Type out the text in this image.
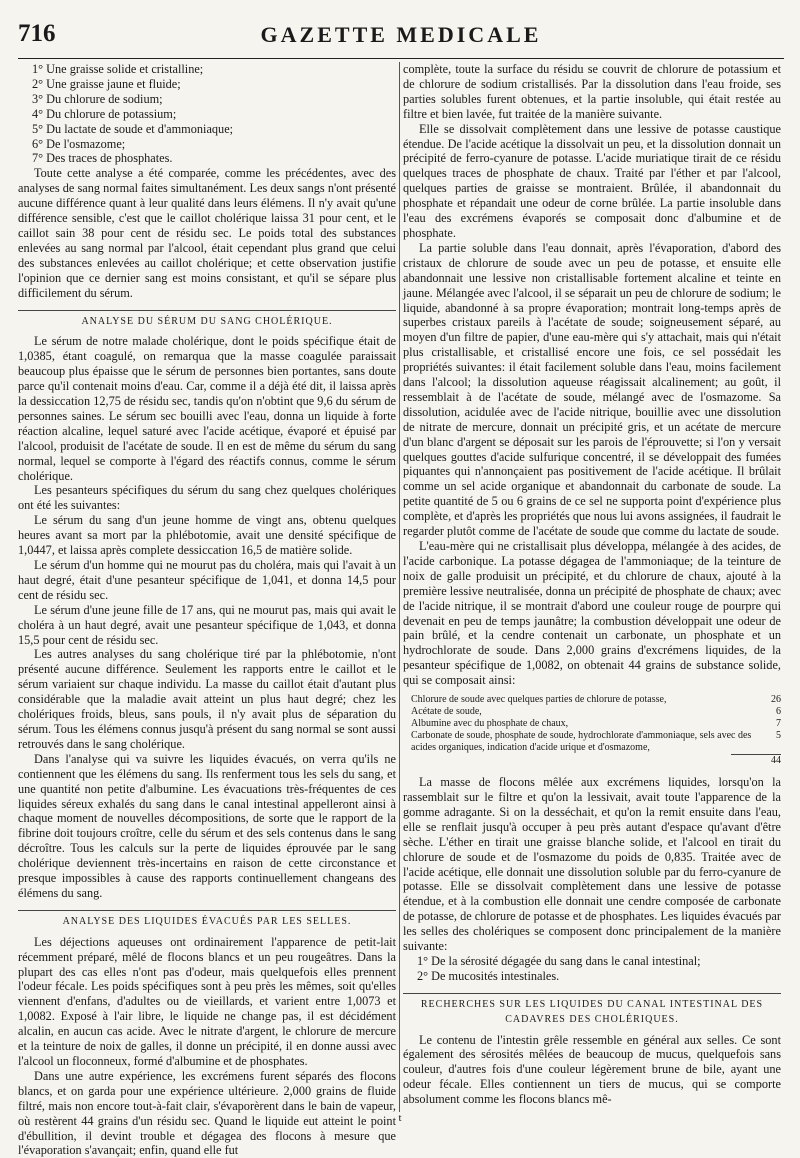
716	GAZETTE MEDICALE
1° Une graisse solide et cristalline;
2° Une graisse jaune et fluide;
3° Du chlorure de sodium;
4° Du chlorure de potassium;
5° Du lactate de soude et d'ammoniaque;
6° De l'osmazome;
7° Des traces de phosphates.

Toute cette analyse a été comparée, comme les précédentes, avec des analyses de sang normal faites simultanément. Les deux sangs n'ont présenté aucune différence quant à leur qualité dans leurs élémens. Il n'y avait qu'une différence sensible, c'est que le caillot cholérique laissa 31 pour cent, et le caillot sain 38 pour cent de résidu sec. Le poids total des substances enlevées au sang normal par l'alcool, était cependant plus grand que celui des substances enlevées au caillot cholérique; et cette observation justifie l'opinion que ce dernier sang est moins consistant, et qu'il se sépare plus difficilement du sérum.

ANALYSE DU SÉRUM DU SANG CHOLÉRIQUE.

Le sérum de notre malade cholérique, dont le poids spécifique était de 1,0385, étant coagulé, on remarqua que la masse coagulée paraissait beaucoup plus épaisse que le sérum de personnes bien portantes, sans doute parce qu'il contenait moins d'eau. Car, comme il a déjà été dit, il laissa après la dessiccation 12,75 de résidu sec, tandis qu'on n'obtint que 9,6 du sérum de personnes saines. Le sérum sec bouilli avec l'eau, donna un liquide à forte réaction alcaline, lequel saturé avec l'acide acétique, évaporé et épuisé par l'alcool, produisit de l'acétate de soude. Il en est de même du sérum du sang normal, lequel se comporte à l'égard des réactifs connus, comme le sérum cholérique.

Les pesanteurs spécifiques du sérum du sang chez quelques cholériques ont été les suivantes:

Le sérum du sang d'un jeune homme de vingt ans, obtenu quelques heures avant sa mort par la phlébotomie, avait une densité spécifique de 1,0447, et laissa après complete dessiccation 16,5 de matière solide.

Le sérum d'un homme qui ne mourut pas du choléra, mais qui l'avait à un haut degré, était d'une pesanteur spécifique de 1,041, et donna 14,5 pour cent de résidu sec.

Le sérum d'une jeune fille de 17 ans, qui ne mourut pas, mais qui avait le choléra à un haut degré, avait une pesanteur spécifique de 1,043, et donna 15,5 pour cent de résidu sec.

Les autres analyses du sang cholérique tiré par la phlébotomie, n'ont présenté aucune différence. Seulement les rapports entre le caillot et le sérum variaient sur chaque individu. La masse du caillot était d'autant plus considérable que la maladie avait atteint un plus haut degré; chez les cholériques froids, bleus, sans pouls, il n'y avait plus de séparation du sérum. Tous les élémens connus jusqu'à présent du sang normal se sont aussi retrouvés dans le sang cholérique.

Dans l'analyse qui va suivre les liquides évacués, on verra qu'ils ne contiennent que les élémens du sang. Ils renferment tous les sels du sang, et une quantité non petite d'albumine. Les évacuations très-fréquentes de ces liquides séreux exhalés du sang dans le canal intestinal appelleront ainsi à chaque moment de nouvelles décompositions, de sorte que le rapport de la fibrine doit toujours croître, celle du sérum et des sels contenus dans le sang décroître. Tous les calculs sur la perte de liquides éprouvée par le sang cholérique deviennent très-incertains en raison de cette circonstance et presque impossibles à cause des rapports continuellement changeans des élémens du sang.

ANALYSE DES LIQUIDES ÉVACUÉS PAR LES SELLES.

Les déjections aqueuses ont ordinairement l'apparence de petit-lait récemment préparé, mêlé de flocons blancs et un peu rougeâtres. Dans la plupart des cas elles n'ont pas d'odeur, mais quelquefois elles prennent l'odeur fécale. Les poids spécifiques sont à peu près les mêmes, soit qu'elles viennent d'enfans, d'adultes ou de vieillards, et varient entre 1,0073 et 1,0082. Exposé à l'air libre, le liquide ne change pas, il est décidément alcalin, en aucun cas acide. Avec le nitrate d'argent, le chlorure de mercure et la teinture de noix de galles, il donne un précipité, il en donne aussi avec l'alcool un floconneux, formé d'albumine et de phosphates.

Dans une autre expérience, les excrémens furent séparés des flocons blancs, et on garda pour une expérience ultérieure. 2,000 grains de fluide filtré, mais non encore tout-à-fait clair, s'évaporèrent dans le bain de vapeur, où restèrent 44 grains d'un résidu sec. Quand le liquide eut atteint le point d'ébullition, il devint trouble et dégagea des flocons à mesure que l'évaporation s'avançait; enfin, quand elle fut

complète, toute la surface du résidu se couvrit de chlorure de potassium et de chlorure de sodium cristallisés. Par la dissolution dans l'eau froide, ses parties solubles furent obtenues, et la partie insoluble, qui était restée au filtre et bien lavée, fut traitée de la manière suivante.

Elle se dissolvait complètement dans une lessive de potasse caustique étendue. De l'acide acétique la dissolvait un peu, et la dissolution donnait un précipité de ferro-cyanure de potasse. L'acide muriatique tirait de ce résidu quelques traces de phosphate de chaux. Traité par l'éther et par l'alcool, quelques parties de graisse se montraient. Brûlée, il abandonnait du phosphate et répandait une odeur de corne brûlée. La partie insoluble dans l'eau des excrémens évaporés se composait donc d'albumine et de phosphate.

La partie soluble dans l'eau donnait, après l'évaporation, d'abord des cristaux de chlorure de soude avec un peu de potasse, et ensuite elle abandonnait une lessive non cristallisable fortement alcaline et teinte en jaune. Mélangée avec l'alcool, il se séparait un peu de chlorure de sodium; le liquide, abandonné à sa propre évaporation; montrait long-temps après de superbes cristaux pareils à l'acétate de soude; soigneusement séparé, au moyen d'un filtre de papier, d'une eau-mère qui s'y attachait, mais qui n'était plus cristallisable, et cristallisé encore une fois, ce sel possédait les propriétés suivantes: il était facilement soluble dans l'eau, moins facilement dans l'alcool; la dissolution aqueuse réagissait alcalinement; au goût, il ressemblait à de l'acétate de soude, mélangé avec de l'osmazome. Sa dissolution, acidulée avec de l'acide nitrique, bouillie avec une dissolution de nitrate de mercure, donnait un précipité gris, et un acétate de mercure d'un blanc d'argent se déposait sur les parois de l'éprouvette; si l'on y versait quelques gouttes d'acide sulfurique concentré, il se développait des fumées piquantes qui n'annonçaient pas positivement de l'acide acétique. Il brûlait comme un sel acide organique et abandonnait du carbonate de soude. La petite quantité de 5 ou 6 grains de ce sel ne supporta point d'expérience plus complète, et d'après les propriétés que nous lui avons assignées, il faudrait le regarder plutôt comme de l'acétate de soude que comme du lactate de soude.

L'eau-mère qui ne cristallisait plus développa, mélangée à des acides, de l'acide carbonique. La potasse dégagea de l'ammoniaque; de la teinture de noix de galle produisit un précipité, et du chlorure de chaux, ajouté à la première lessive neutralisée, donna un précipité de phosphate de chaux; avec de l'acide nitrique, il se montrait d'abord une couleur rouge de pourpre qui devenait en peu de temps jaunâtre; la combustion développait une odeur de pain brûlé, et la cendre contenait un carbonate, un phosphate et un hydrochlorate de soude. Dans 2,000 grains d'excrémens liquides, de la pesanteur spécifique de 1,0082, on obtenait 44 grains de substance solide, qui se composait ainsi:

Chlorure de soude avec quelques parties de chlorure de potasse,	26
Acétate de soude,	6
Albumine avec du phosphate de chaux,	7
Carbonate de soude, phosphate de soude, hydrochlorate d'ammoniaque, sels avec des acides organiques, indication d'acide urique et d'osmazome,
5
44

La masse de flocons mêlée aux excrémens liquides, lorsqu'on la rassemblait sur le filtre et qu'on la lessivait, avait toute l'apparence de la gomme adragante. Si on la desséchait, et qu'on la remit ensuite dans l'eau, elle se renflait jusqu'à occuper à peu près autant d'espace qu'avant d'être sèche. L'éther en tirait une graisse blanche solide, et l'alcool en tirait du chlorure de soude et de l'osmazome du poids de 0,835. Traitée avec de l'acide acétique, elle donnait une dissolution soluble par du ferro-cyanure de potasse. Elle se dissolvait complètement dans une lessive de potasse étendue, et à la combustion elle donnait une cendre composée de carbonate de potasse, de chlorure de potasse et de phosphates. Les liquides évacués par les selles des cholériques se composent donc principalement de la manière suivante:

1° De la sérosité dégagée du sang dans le canal intestinal;
2° De mucosités intestinales.
RECHERCHES SUR LES LIQUIDES DU CANAL INTESTINAL DES CADAVRES DES CHOLÉRIQUES.

Le contenu de l'intestin grêle ressemble en général aux selles. Ce sont également des sérosités mêlées de beaucoup de mucus, quelquefois sans couleur, d'autres fois d'une couleur légèrement brune de bile, ayant une odeur fécale. Elles contiennent un tiers de mucus, qui se comporte absolument comme les flocons blancs mê-

t
